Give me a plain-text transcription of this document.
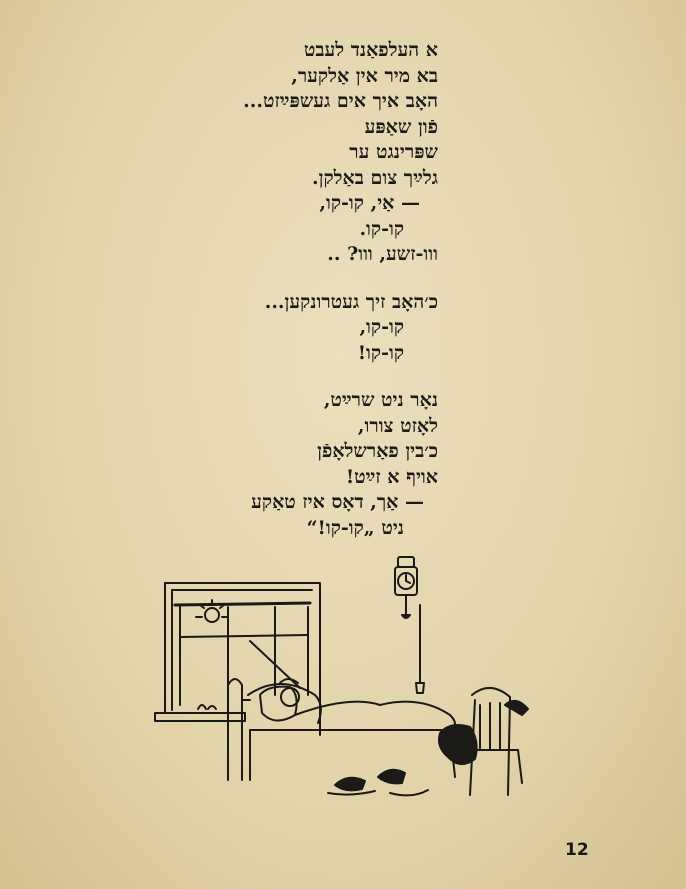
א העלפאַנד לעבט
בא מיר אין אַלקער,
האָב איך אים געשפּײַזט...
פֿון שאַפּע
שפּרינגט ער
גלײַך צום באַלקן.
— אַי, קו-קו,
קו-קו.
ווו-זשע, ווו? ..
כ׳האָב זיך געטרונקען...
קו-קו,
קו-קו!
נאָר ניט שרײַט,
לאָזט צורו,
כ׳בין פאַרשלאָפֿן
אויף א זײַט!
— אַך, דאָס איז טאַקע
ניט „קו-קו!“
12
